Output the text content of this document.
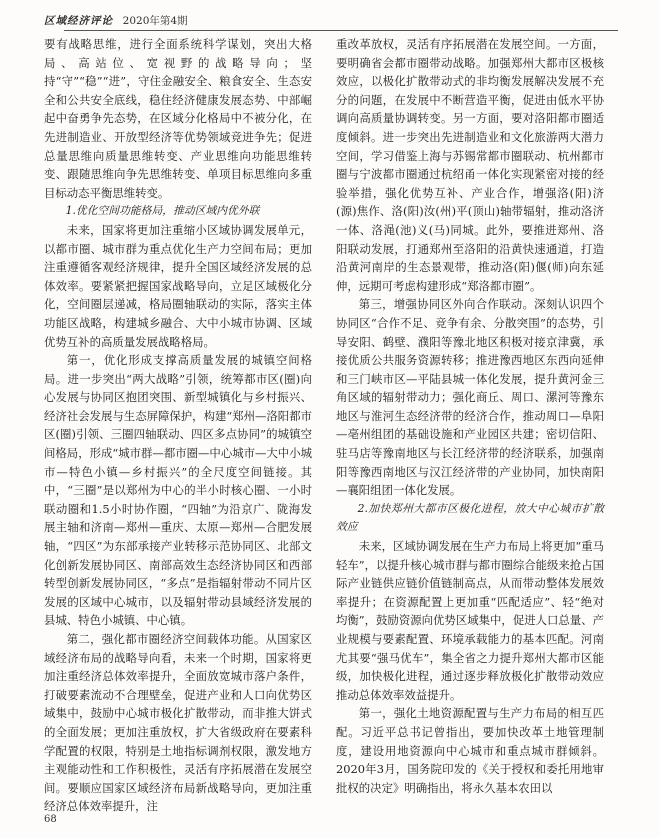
区域经济评论 2020年第4期

要有战略思维，进行全面系统科学谋划，突出大格局、高站位、宽视野的战略导向；坚持“守”“稳”“进”，守住金融安全、粮食安全、生态安全和公共安全底线，稳住经济健康发展态势、中部崛起中奋勇争先态势，在区域分化格局中不被分化，在先进制造业、开放型经济等优势领域竞进争先；促进总量思维向质量思维转变、产业思维向功能思维转变、跟随思维向争先思维转变、单项目标思维向多重目标动态平衡思维转变。

1.优化空间功能格局，推动区域内优外联

未来，国家将更加注重缩小区域协调发展单元，以都市圈、城市群为重点优化生产力空间布局；更加注重遵循客观经济规律，提升全国区域经济发展的总体效率。要紧紧把握国家战略导向，立足区域极化分化，空间圈层递减，格局圈轴联动的实际，落实主体功能区战略，构建城乡融合、大中小城市协调、区域优势互补的高质量发展战略格局。

第一，优化形成支撑高质量发展的城镇空间格局。进一步突出“两大战略”引领，统筹都市区(圈)向心发展与协同区抱团突围、新型城镇化与乡村振兴、经济社会发展与生态屏障保护，构建“郑州—洛阳都市区(圈)引领、三圈四轴联动、四区多点协同”的城镇空间格局，形成“城市群—都市圈—中心城市—大中小城市—特色小镇—乡村振兴”的全尺度空间链接。其中，“三圈”是以郑州为中心的半小时核心圈、一小时联动圈和1.5小时协作圈，“四轴”为沿京广、陇海发展主轴和济南—郑州—重庆、太原—郑州—合肥发展轴，“四区”为东部承接产业转移示范协同区、北部文化创新发展协同区、南部高效生态经济协同区和西部转型创新发展协同区，“多点”是指辐射带动不同片区发展的区域中心城市，以及辐射带动县域经济发展的县城、特色小城镇、中心镇。

第二，强化都市圈经济空间载体功能。从国家区域经济布局的战略导向看，未来一个时期，国家将更加注重经济总体效率提升，全面放宽城市落户条件，打破要素流动不合理壁垒，促进产业和人口向优势区域集中，鼓励中心城市极化扩散带动，而非推大饼式的全面发展；更加注重放权，扩大省级政府在要素科学配置的权限，特别是土地指标调剂权限，激发地方主观能动性和工作积极性，灵活有序拓展潜在发展空间。要顺应国家区域经济布局新战略导向，更加注重经济总体效率提升，注

重改革放权，灵活有序拓展潜在发展空间。一方面，要明确省会都市圈带动战略。加强郑州大都市区极核效应，以极化扩散带动式的非均衡发展解决发展不充分的问题，在发展中不断营造平衡，促进由低水平协调向高质量协调转变。另一方面，要对洛阳都市圈适度倾斜。进一步突出先进制造业和文化旅游两大潜力空间，学习借鉴上海与苏锡常都市圈联动、杭州都市圈与宁波都市圈通过杭绍甬一体化实现紧密对接的经验举措，强化优势互补、产业合作，增强洛(阳)济(源)焦作、洛(阳)汝(州)平(顶山)轴带辐射，推动洛济一体、洛渑(池)义(马)同城。此外，要推进郑州、洛阳联动发展，打通郑州至洛阳的沿黄快速通道，打造沿黄河南岸的生态景观带，推动洛(阳)偃(师)向东延伸，远期可考虑构建形成“郑洛都市圈”。

第三，增强协同区外向合作联动。深刻认识四个协同区“合作不足、竞争有余、分散突围”的态势，引导安阳、鹤壁、濮阳等豫北地区积极对接京津冀，承接优质公共服务资源转移；推进豫西地区东西向延伸和三门峡市区—平陆县城一体化发展，提升黄河金三角区域的辐射带动力；强化商丘、周口、漯河等豫东地区与淮河生态经济带的经济合作，推动周口—阜阳—亳州组团的基础设施和产业园区共建；密切信阳、驻马店等豫南地区与长江经济带的经济联系，加强南阳等豫西南地区与汉江经济带的产业协同，加快南阳—襄阳组团一体化发展。

2.加快郑州大都市区极化进程，放大中心城市扩散效应

未来，区域协调发展在生产力布局上将更加“重马轻车”，以提升核心城市群与都市圈综合能级来抢占国际产业链供应链价值链制高点，从而带动整体发展效率提升；在资源配置上更加重“匹配适应”、轻“绝对均衡”，鼓励资源向优势区域集中，促进人口总量、产业规模与要素配置、环境承载能力的基本匹配。河南尤其要“强马优车”，集全省之力提升郑州大都市区能级，加快极化进程，通过逐步释放极化扩散带动效应推动总体效率效益提升。

第一，强化土地资源配置与生产力布局的相互匹配。习近平总书记曾指出，要加快改革土地管理制度，建设用地资源向中心城市和重点城市群倾斜。2020年3月，国务院印发的《关于授权和委托用地审批权的决定》明确指出，将永久基本农田以

68
